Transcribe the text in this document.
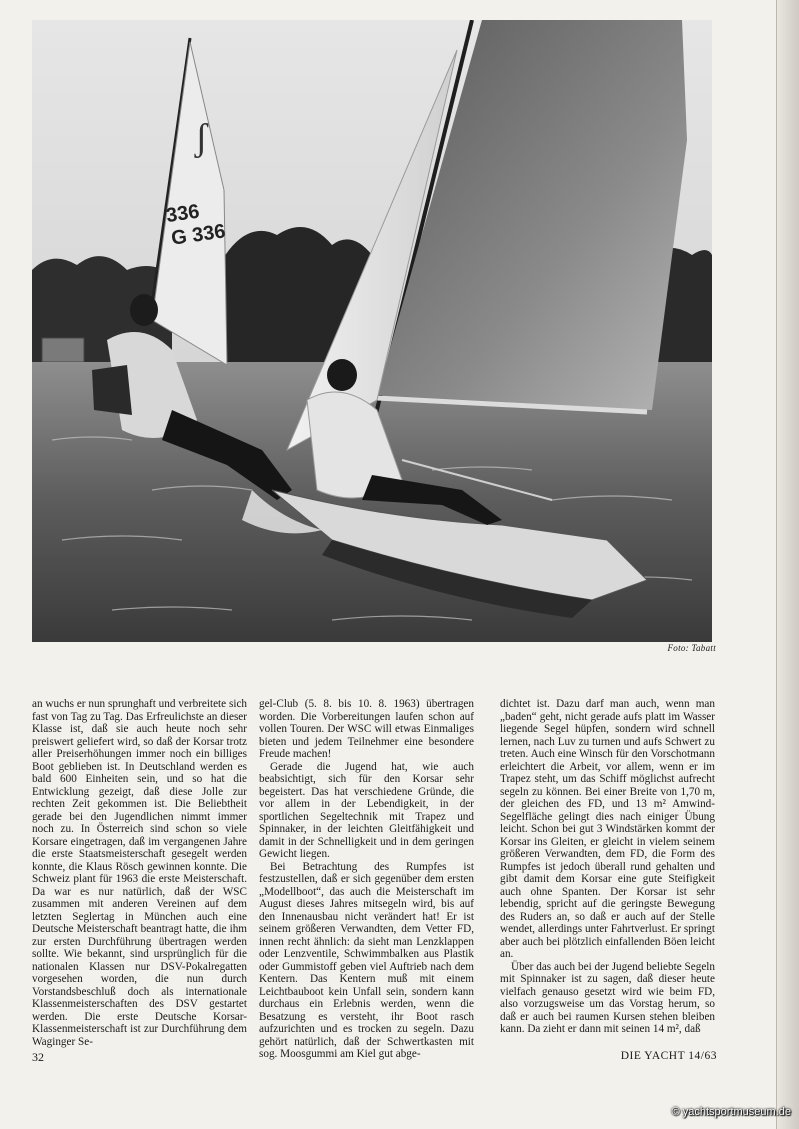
ʃ
336
G 336
Foto: Tabatt

an wuchs er nun sprunghaft und verbreitete sich fast von Tag zu Tag. Das Erfreulichste an dieser Klasse ist, daß sie auch heute noch sehr preiswert geliefert wird, so daß der Korsar trotz aller Preiserhöhungen immer noch ein billiges Boot geblieben ist. In Deutschland werden es bald 600 Einheiten sein, und so hat die Entwicklung gezeigt, daß diese Jolle zur rechten Zeit gekommen ist. Die Beliebtheit gerade bei den Jugendlichen nimmt immer noch zu. In Österreich sind schon so viele Korsare eingetragen, daß im vergangenen Jahre die erste Staatsmeisterschaft gesegelt werden konnte, die Klaus Rösch gewinnen konnte. Die Schweiz plant für 1963 die erste Meisterschaft. Da war es nur natürlich, daß der WSC zusammen mit anderen Vereinen auf dem letzten Seglertag in München auch eine Deutsche Meisterschaft beantragt hatte, die ihm zur ersten Durchführung übertragen werden sollte. Wie bekannt, sind ursprünglich für die nationalen Klassen nur DSV-Pokalregatten vorgesehen worden, die nun durch Vorstandsbeschluß doch als internationale Klassenmeisterschaften des DSV gestartet werden. Die erste Deutsche Korsar-Klassenmeisterschaft ist zur Durchführung dem Waginger Se-

gel-Club (5. 8. bis 10. 8. 1963) übertragen worden. Die Vorbereitungen laufen schon auf vollen Touren. Der WSC will etwas Einmaliges bieten und jedem Teilnehmer eine besondere Freude machen!

Gerade die Jugend hat, wie auch beabsichtigt, sich für den Korsar sehr begeistert. Das hat verschiedene Gründe, die vor allem in der Lebendigkeit, in der sportlichen Segeltechnik mit Trapez und Spinnaker, in der leichten Gleitfähigkeit und damit in der Schnelligkeit und in dem geringen Gewicht liegen.

Bei Betrachtung des Rumpfes ist festzustellen, daß er sich gegenüber dem ersten „Modellboot“, das auch die Meisterschaft im August dieses Jahres mitsegeln wird, bis auf den Innenausbau nicht verändert hat! Er ist seinem größeren Verwandten, dem Vetter FD, innen recht ähnlich: da sieht man Lenzklappen oder Lenzventile, Schwimmbalken aus Plastik oder Gummistoff geben viel Auftrieb nach dem Kentern. Das Kentern muß mit einem Leichtbauboot kein Unfall sein, sondern kann durchaus ein Erlebnis werden, wenn die Besatzung es versteht, ihr Boot rasch aufzurichten und es trocken zu segeln. Dazu gehört natürlich, daß der Schwertkasten mit sog. Moosgummi am Kiel gut abge-

dichtet ist. Dazu darf man auch, wenn man „baden“ geht, nicht gerade aufs platt im Wasser liegende Segel hüpfen, sondern wird schnell lernen, nach Luv zu turnen und aufs Schwert zu treten. Auch eine Winsch für den Vorschotmann erleichtert die Arbeit, vor allem, wenn er im Trapez steht, um das Schiff möglichst aufrecht segeln zu können. Bei einer Breite von 1,70 m, der gleichen des FD, und 13 m² Amwind-Segelfläche gelingt dies nach einiger Übung leicht. Schon bei gut 3 Windstärken kommt der Korsar ins Gleiten, er gleicht in vielem seinem größeren Verwandten, dem FD, die Form des Rumpfes ist jedoch überall rund gehalten und gibt damit dem Korsar eine gute Steifigkeit auch ohne Spanten. Der Korsar ist sehr lebendig, spricht auf die geringste Bewegung des Ruders an, so daß er auch auf der Stelle wendet, allerdings unter Fahrtverlust. Er springt aber auch bei plötzlich einfallenden Böen leicht an.

Über das auch bei der Jugend beliebte Segeln mit Spinnaker ist zu sagen, daß dieser heute vielfach genauso gesetzt wird wie beim FD, also vorzugsweise um das Vorstag herum, so daß er auch bei raumen Kursen stehen bleiben kann. Da zieht er dann mit seinen 14 m², daß

32	DIE YACHT 14/63
© yachtsportmuseum.de
